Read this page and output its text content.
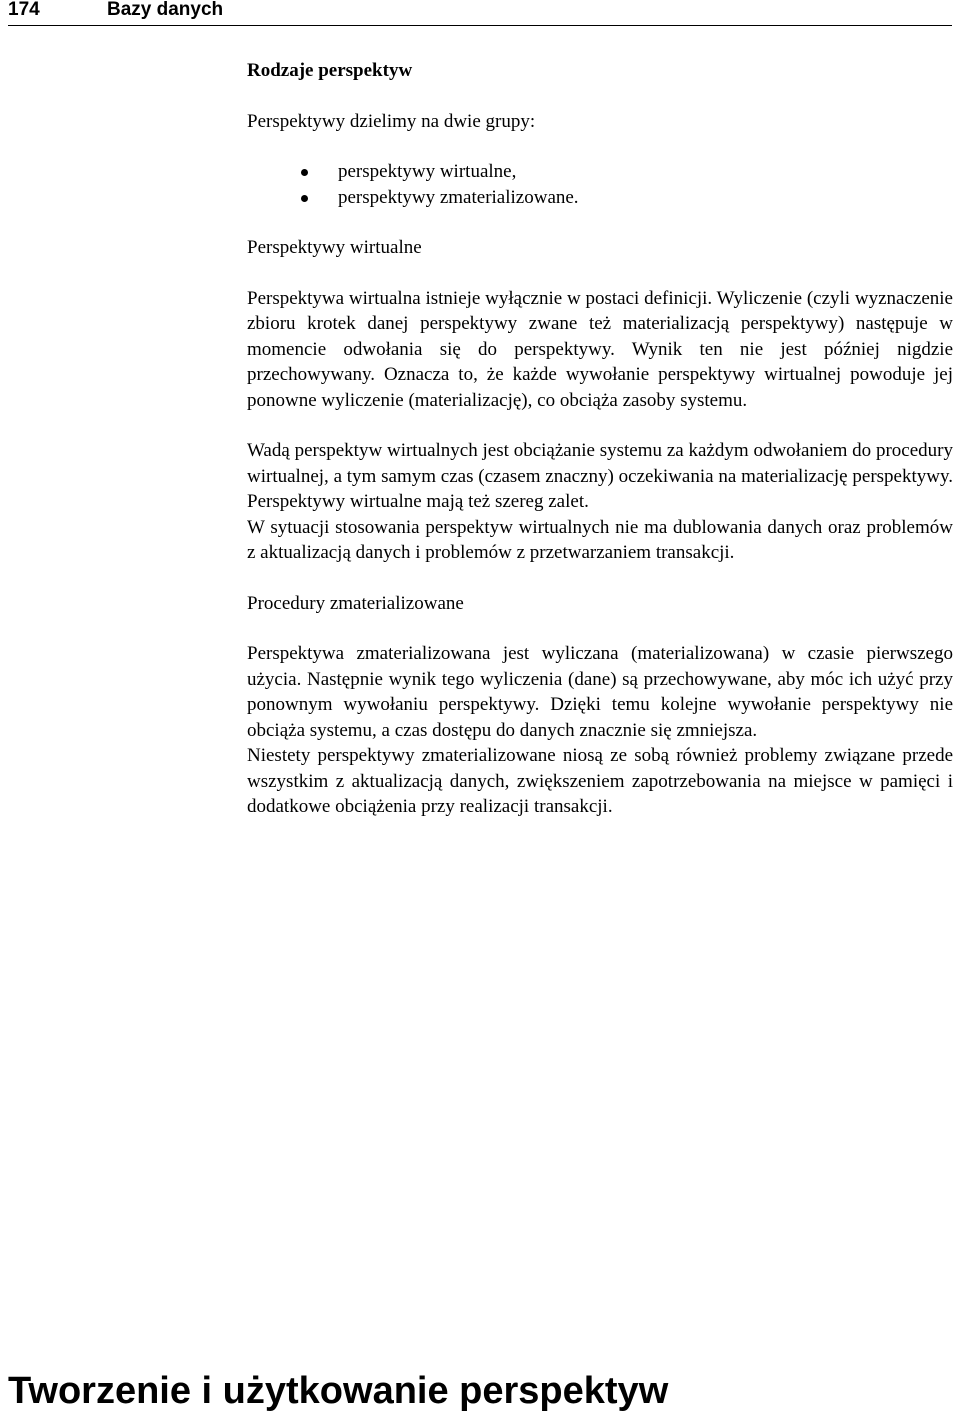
174	Bazy danych
Rodzaje perspektyw

Perspektywy dzielimy na dwie grupy:

perspektywy wirtualne,
perspektywy zmaterializowane.

Perspektywy wirtualne

Perspektywa wirtualna istnieje wyłącznie w postaci definicji. Wyliczenie (czyli wyznaczenie zbioru krotek danej perspektywy zwane też materializacją perspektywy) następuje w momencie odwołania się do perspektywy. Wynik ten nie jest później nigdzie przechowywany. Oznacza to, że każde wywołanie perspektywy wirtualnej powoduje jej ponowne wyliczenie (materializację), co obciąża zasoby systemu.

Wadą perspektyw wirtualnych jest obciążanie systemu za każdym odwołaniem do procedury wirtualnej, a tym samym czas (czasem znaczny) oczekiwania na materializację perspektywy. Perspektywy wirtualne mają też szereg zalet.

W sytuacji stosowania perspektyw wirtualnych nie ma dublowania danych oraz problemów z aktualizacją danych i problemów z przetwarzaniem transakcji.

Procedury zmaterializowane

Perspektywa zmaterializowana jest wyliczana (materializowana) w czasie pierwszego użycia. Następnie wynik tego wyliczenia (dane) są przechowywane, aby móc ich użyć przy ponownym wywołaniu perspektywy. Dzięki temu kolejne wywołanie perspektywy nie obciąża systemu, a czas dostępu do danych znacznie się zmniejsza.

Niestety perspektywy zmaterializowane niosą ze sobą również problemy związane przede wszystkim z aktualizacją danych, zwiększeniem zapotrzebowania na miejsce w pamięci i dodatkowe obciążenia przy realizacji transakcji.

Tworzenie i użytkowanie perspektyw
